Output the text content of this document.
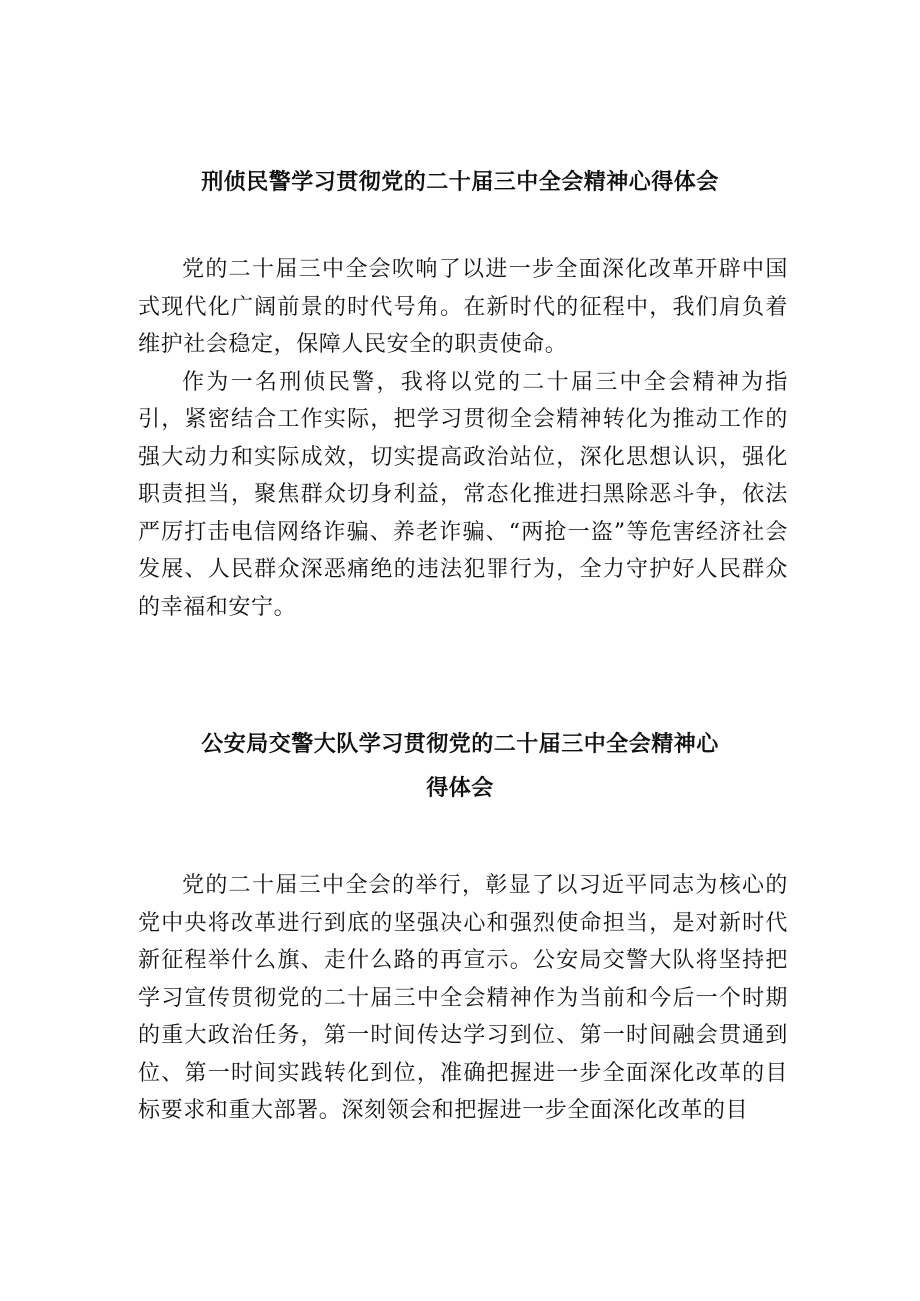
刑侦民警学习贯彻党的二十届三中全会精神心得体会

党的二十届三中全会吹响了以进一步全面深化改革开辟中国式现代化广阔前景的时代号角。在新时代的征程中，我们肩负着维护社会稳定，保障人民安全的职责使命。

作为一名刑侦民警，我将以党的二十届三中全会精神为指引，紧密结合工作实际，把学习贯彻全会精神转化为推动工作的强大动力和实际成效，切实提高政治站位，深化思想认识，强化职责担当，聚焦群众切身利益，常态化推进扫黑除恶斗争，依法严厉打击电信网络诈骗、养老诈骗、“两抢一盗”等危害经济社会发展、人民群众深恶痛绝的违法犯罪行为，全力守护好人民群众的幸福和安宁。

公安局交警大队学习贯彻党的二十届三中全会精神心
得体会

党的二十届三中全会的举行，彰显了以习近平同志为核心的党中央将改革进行到底的坚强决心和强烈使命担当，是对新时代新征程举什么旗、走什么路的再宣示。公安局交警大队将坚持把学习宣传贯彻党的二十届三中全会精神作为当前和今后一个时期的重大政治任务，第一时间传达学习到位、第一时间融会贯通到位、第一时间实践转化到位，准确把握进一步全面深化改革的目标要求和重大部署。深刻领会和把握进一步全面深化改革的目
